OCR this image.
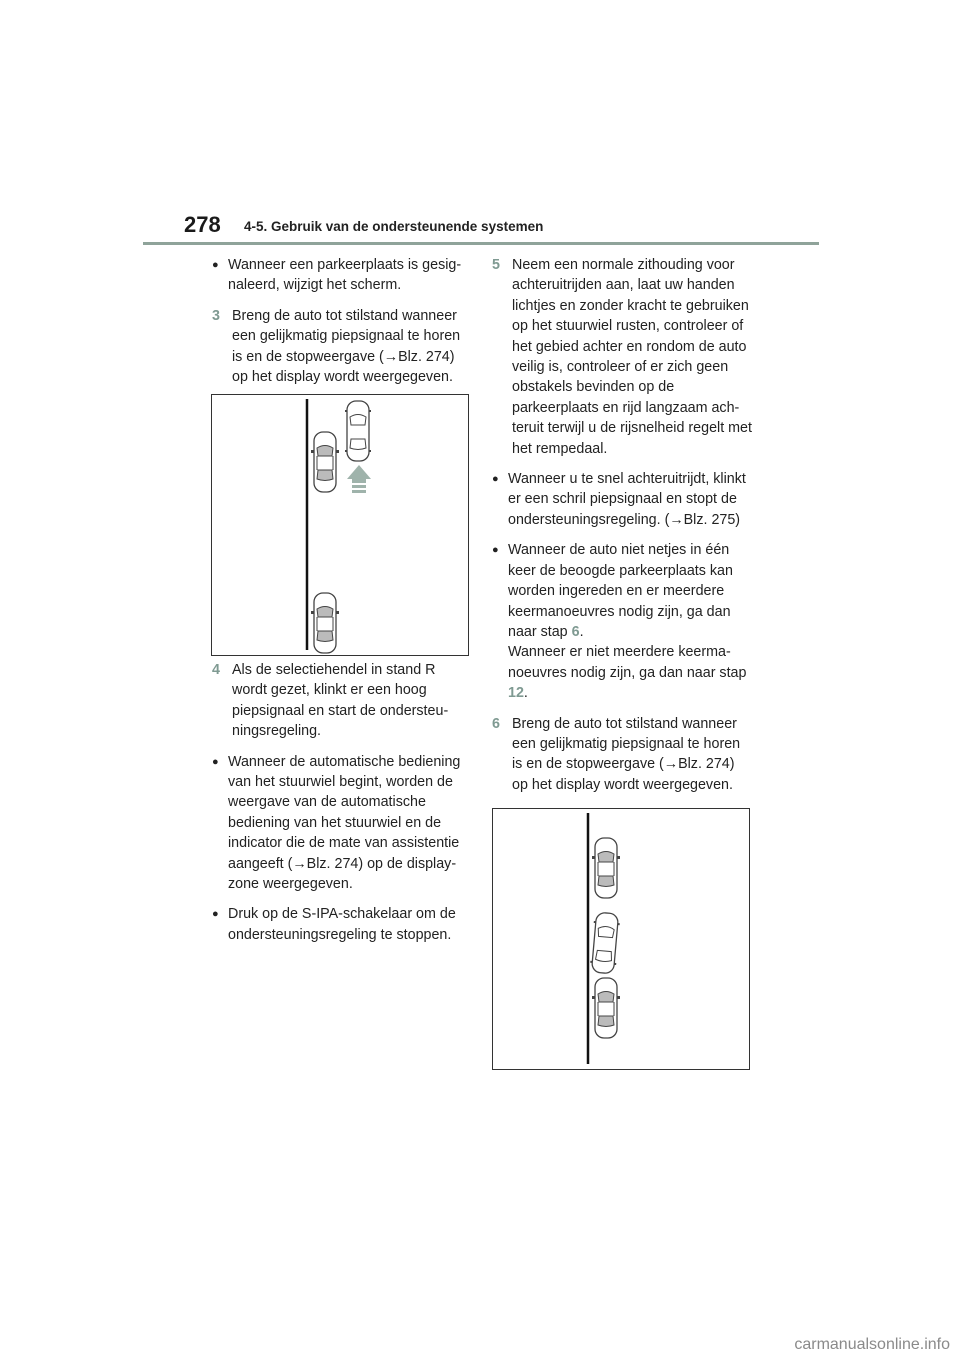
278 4-5. Gebruik van de ondersteunende systemen
● Wanneer een parkeerplaats is gesignaleerd, wijzigt het scherm.
3 Breng de auto tot stilstand wanneer een gelijkmatig piepsignaal te horen is en de stopweergave (→Blz. 274) op het display wordt weergegeven.
4 Als de selectiehendel in stand R wordt gezet, klinkt er een hoog piepsignaal en start de ondersteuningsregeling.
● Wanneer de automatische bediening van het stuurwiel begint, worden de weergave van de automatische bediening van het stuurwiel en de indicator die de mate van assistentie aangeeft (→Blz. 274) op de displayzone weergegeven.
● Druk op de S-IPA-schakelaar om de ondersteuningsregeling te stoppen.
5 Neem een normale zithouding voor achteruitrijden aan, laat uw handen lichtjes en zonder kracht te gebruiken op het stuurwiel rusten, controleer of het gebied achter en rondom de auto veilig is, controleer of er zich geen obstakels bevinden op de parkeerplaats en rijd langzaam achteruit terwijl u de rijsnelheid regelt met het rempedaal.
● Wanneer u te snel achteruitrijdt, klinkt er een schril piepsignaal en stopt de ondersteuningsregeling. (→Blz. 275)
● Wanneer de auto niet netjes in één keer de beoogde parkeerplaats kan worden ingereden en er meerdere keermanoeuvres nodig zijn, ga dan naar stap 6.
Wanneer er niet meerdere keermanoeuvres nodig zijn, ga dan naar stap 12.
6 Breng de auto tot stilstand wanneer een gelijkmatig piepsignaal te horen is en de stopweergave (→Blz. 274) op het display wordt weergegeven.
carmanualsonline.info
